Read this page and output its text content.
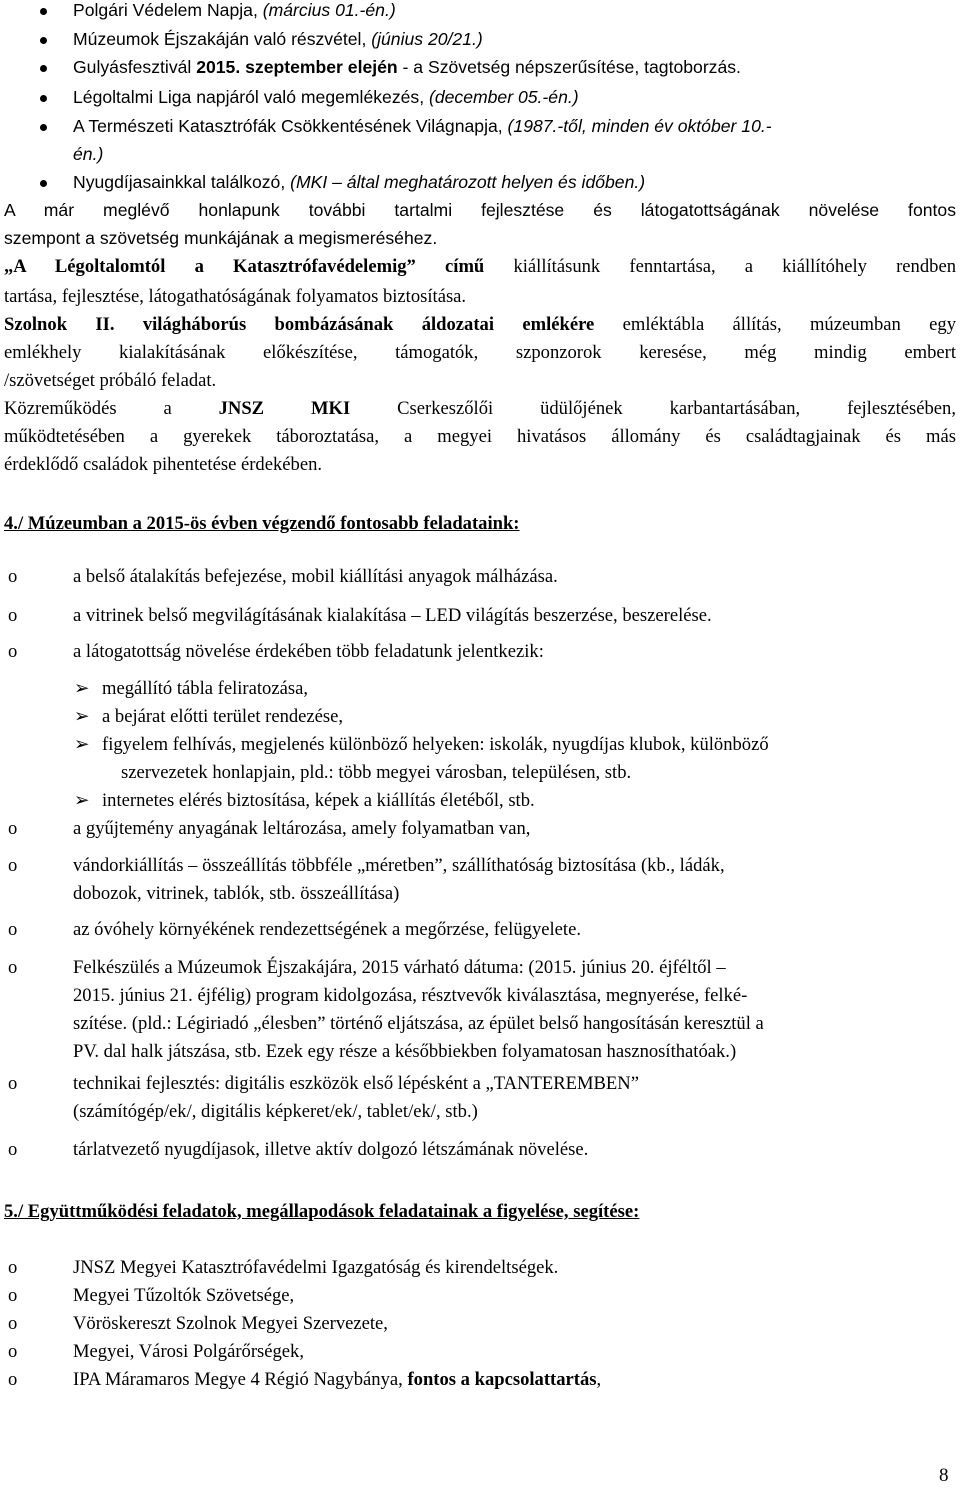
Polgári Védelem Napja, (március 01.-én.)
Múzeumok Éjszakáján való részvétel, (június 20/21.)
Gulyásfesztivál 2015. szeptember elején - a Szövetség népszerűsítése, tagtoborzás.
Légoltalmi Liga napjáról való megemlékezés, (december 05.-én.)
A Természeti Katasztrófák Csökkentésének Világnapja, (1987.-től, minden év október 10.-
én.)
Nyugdíjasainkkal találkozó, (MKI – által meghatározott helyen és időben.)
A már meglévő honlapunk további tartalmi fejlesztése és látogatottságának növelése fontos
szempont a szövetség munkájának a megismeréséhez.
„A Légoltalomtól a Katasztrófavédelemig” című kiállításunk fenntartása, a kiállítóhely rendben
tartása, fejlesztése, látogathatóságának folyamatos biztosítása.
Szolnok II. világháborús bombázásának áldozatai emlékére emléktábla állítás, múzeumban egy
emlékhely kialakításának előkészítése, támogatók, szponzorok keresése, még mindig embert
/szövetséget próbáló feladat.
Közreműködés a JNSZ MKI Cserkeszőlői üdülőjének karbantartásában, fejlesztésében,
működtetésében a gyerekek táboroztatása, a megyei hivatásos állomány és családtagjainak és más
érdeklődő családok pihentetése érdekében.
4./ Múzeumban a 2015-ös évben végzendő fontosabb feladataink:
o	a belső átalakítás befejezése, mobil kiállítási anyagok málházása.
o	a vitrinek belső megvilágításának kialakítása – LED világítás beszerzése, beszerelése.
o	a látogatottság növelése érdekében több feladatunk jelentkezik:
➢ megállító tábla feliratozása,
➢ a bejárat előtti terület rendezése,
➢ figyelem felhívás, megjelenés különböző helyeken: iskolák, nyugdíjas klubok, különböző
szervezetek honlapjain, pld.: több megyei városban, településen, stb.
➢ internetes elérés biztosítása, képek a kiállítás életéből, stb.
o	a gyűjtemény anyagának leltározása, amely folyamatban van,
o	vándorkiállítás – összeállítás többféle „méretben”, szállíthatóság biztosítása (kb., ládák,
dobozok, vitrinek, tablók, stb. összeállítása)
o	az óvóhely környékének rendezettségének a megőrzése, felügyelete.
o	Felkészülés a Múzeumok Éjszakájára, 2015 várható dátuma: (2015. június 20. éjféltől –
2015. június 21. éjfélig) program kidolgozása, résztvevők kiválasztása, megnyerése, felké-
szítése. (pld.: Légiriadó „élesben” történő eljátszása, az épület belső hangosításán keresztül a
PV. dal halk játszása, stb. Ezek egy része a későbbiekben folyamatosan hasznosíthatóak.)
o	technikai fejlesztés: digitális eszközök első lépésként a „TANTEREMBEN”
(számítógép/ek/, digitális képkeret/ek/, tablet/ek/, stb.)
o	tárlatvezető nyugdíjasok, illetve aktív dolgozó létszámának növelése.
5./ Együttműködési feladatok, megállapodások feladatainak a figyelése, segítése:
o	JNSZ Megyei Katasztrófavédelmi Igazgatóság és kirendeltségek.
o	Megyei Tűzoltók Szövetsége,
o	Vöröskereszt Szolnok Megyei Szervezete,
o	Megyei, Városi Polgárőrségek,
o	IPA Máramaros Megye 4 Régió Nagybánya, fontos a kapcsolattartás,
8
